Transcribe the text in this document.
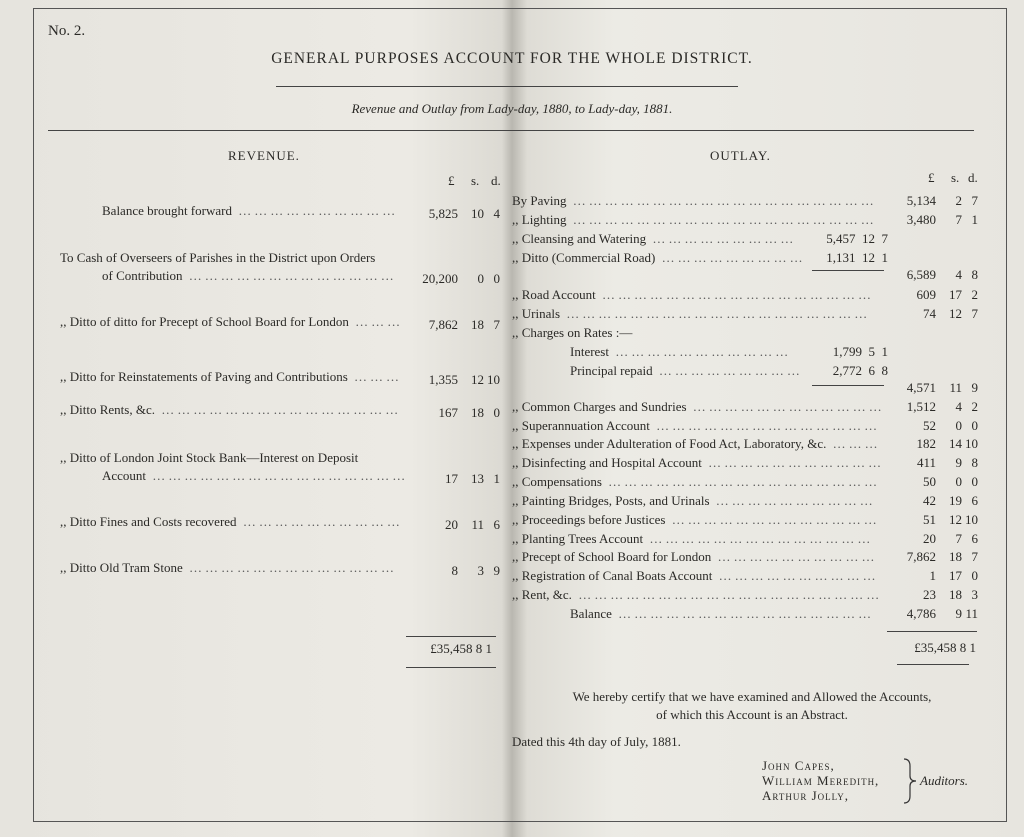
No. 2.
GENERAL PURPOSES ACCOUNT FOR THE WHOLE DISTRICT.
Revenue and Outlay from Lady-day, 1880, to Lady-day, 1881.
REVENUE.
£ s. d.
Balance brought forward …………………………	5,825	10 4
To Cash of Overseers of Parishes in the District upon Orders
of Contribution …………………………………	20,200	0 0
,, Ditto of ditto for Precept of School Board for London ………	7,862	18 7
,, Ditto for Reinstatements of Paving and Contributions ………	1,355	12 10
,, Ditto Rents, &c. ………………………………………	167	18 0
,, Ditto of London Joint Stock Bank—Interest on Deposit
Account …………………………………………	17	13 1
,, Ditto Fines and Costs recovered …………………………	20	11 6
,, Ditto Old Tram Stone …………………………………	8	3 9
£35,458 8 1
OUTLAY.
£ s. d.
By Paving …………………………………………………	5,134	2 7
,, Lighting …………………………………………………	3,480	7 1
,, Cleansing and Watering ………………………	5,457  12  7
,, Ditto (Commercial Road) ………………………	1,131  12  1
6,589	4 8
,, Road Account ……………………………………………	609	17 2
,, Urinals …………………………………………………	74	12 7
,, Charges on Rates :—
Interest ……………………………	1,799  5  1
Principal repaid ………………………	2,772  6  8
4,571	11 9
,, Common Charges and Sundries ………………………………	1,512	4 2
,, Superannuation Account ……………………………………	52	0 0
,, Expenses under Adulteration of Food Act, Laboratory, &c. ………	182	14 10
,, Disinfecting and Hospital Account ……………………………	411	9 8
,, Compensations ……………………………………………	50	0 0
,, Painting Bridges, Posts, and Urinals …………………………	42	19 6
,, Proceedings before Justices …………………………………	51	12 10
,, Planting Trees Account ……………………………………	20	7 6
,, Precept of School Board for London …………………………	7,862	18 7
,, Registration of Canal Boats Account …………………………	1	17 0
,, Rent, &c. …………………………………………………	23	18 3
Balance …………………………………………	4,786	9 11
£35,458 8 1
We hereby certify that we have examined and Allowed the Accounts,
of which this Account is an Abstract.
Dated this 4th day of July, 1881.
John Capes,
William Meredith,
Arthur Jolly,
Auditors.
